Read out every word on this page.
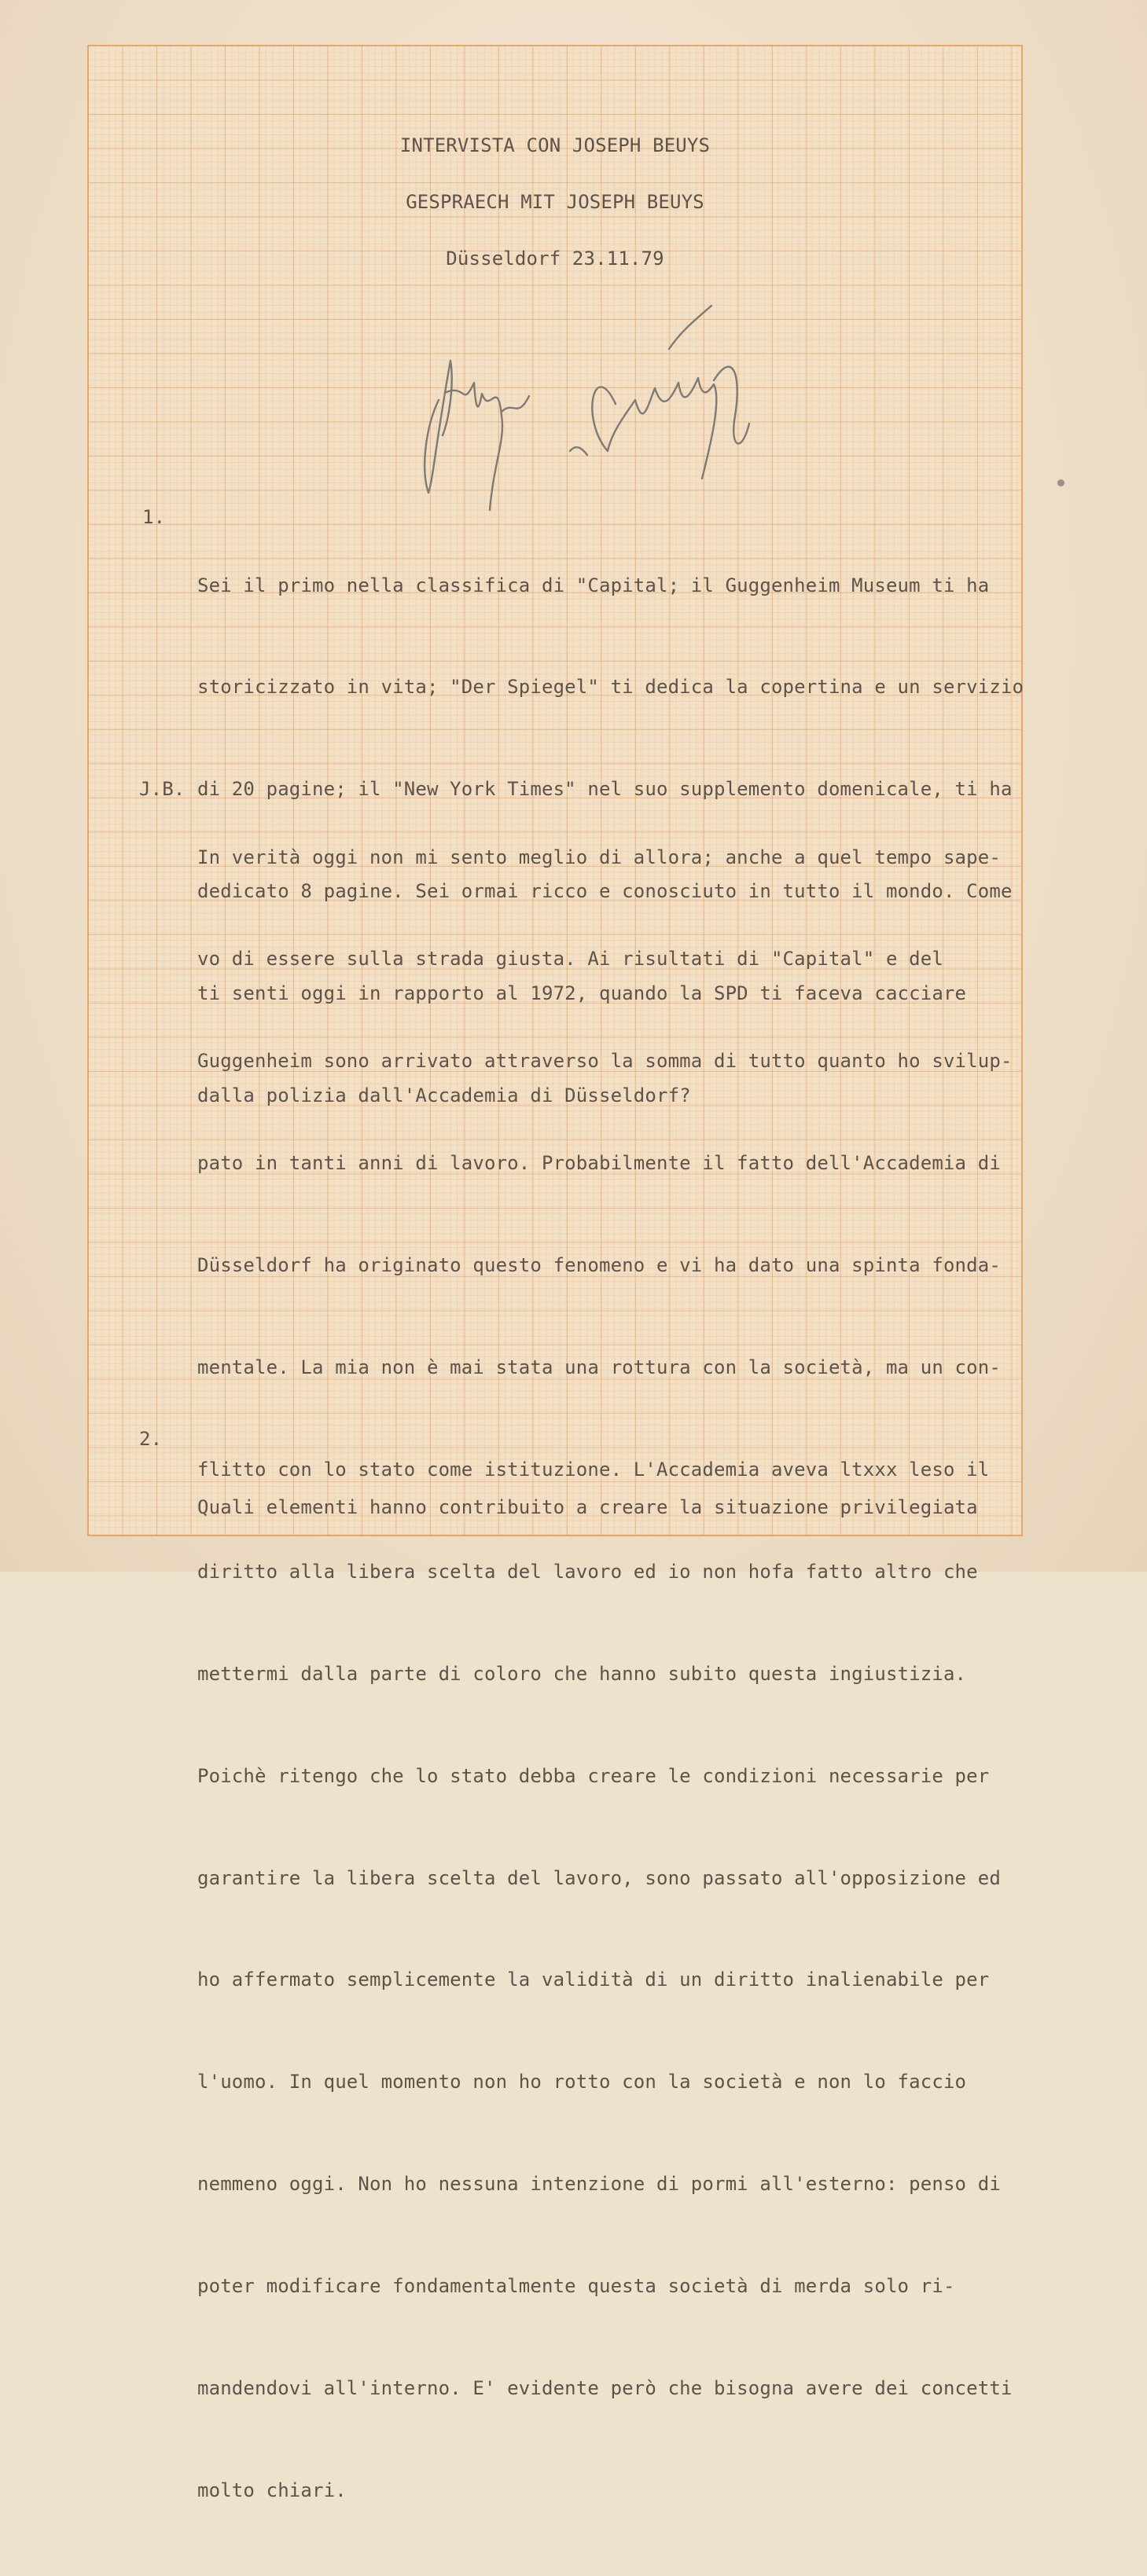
INTERVISTA CON JOSEPH BEUYS
GESPRAECH MIT JOSEPH BEUYS
Düsseldorf 23.11.79
1.

Sei il primo nella classifica di "Capital; il Guggenheim Museum ti ha

storicizzato in vita; "Der Spiegel" ti dedica la copertina e un servizio

di 20 pagine; il "New York Times" nel suo supplemento domenicale, ti ha

dedicato 8 pagine. Sei ormai ricco e conosciuto in tutto il mondo. Come

ti senti oggi in rapporto al 1972, quando la SPD ti faceva cacciare

dalla polizia dall'Accademia di Düsseldorf?

J.B.

In verità oggi non mi sento meglio di allora; anche a quel tempo sape-

vo di essere sulla strada giusta. Ai risultati di "Capital" e del

Guggenheim sono arrivato attraverso la somma di tutto quanto ho svilup-

pato in tanti anni di lavoro. Probabilmente il fatto dell'Accademia di

Düsseldorf ha originato questo fenomeno e vi ha dato una spinta fonda-

mentale. La mia non è mai stata una rottura con la società, ma un con-

flitto con lo stato come istituzione. L'Accademia aveva ltxxx leso il

diritto alla libera scelta del lavoro ed io non hofa fatto altro che

mettermi dalla parte di coloro che hanno subito questa ingiustizia.

Poichè ritengo che lo stato debba creare le condizioni necessarie per

garantire la libera scelta del lavoro, sono passato all'opposizione ed

ho affermato semplicemente la validità di un diritto inalienabile per

l'uomo. In quel momento non ho rotto con la società e non lo faccio

nemmeno oggi. Non ho nessuna intenzione di pormi all'esterno: penso di

poter modificare fondamentalmente questa società di merda solo ri-

mandendovi all'interno. E' evidente però che bisogna avere dei concetti

molto chiari.

2.

Quali elementi hanno contribuito a creare la situazione privilegiata
